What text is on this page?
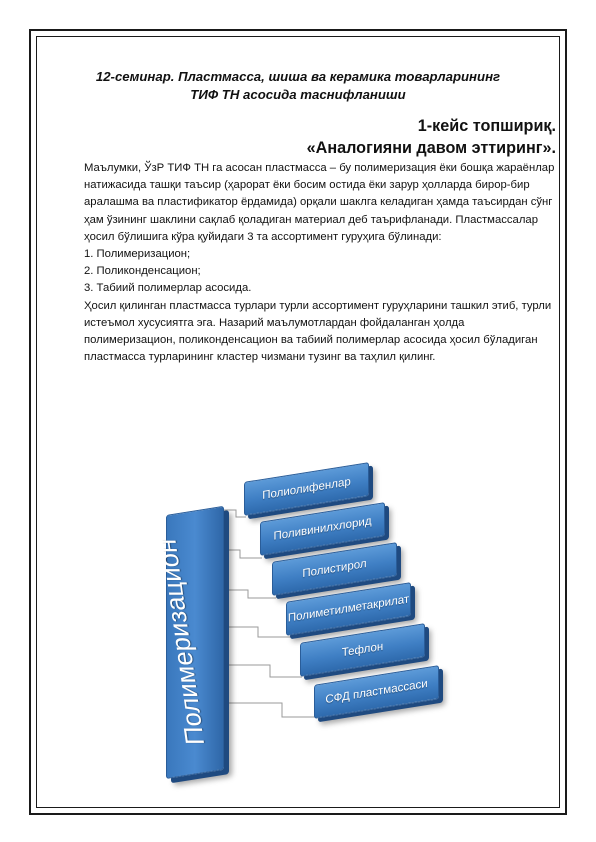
12-семинар. Пластмасса, шиша ва керамика товарларининг
ТИФ ТН асосида таснифланиши
1-кейс топшириқ.
«Аналогияни давом эттиринг».

Маълумки, ЎзР ТИФ ТН га асосан пластмасса – бу полимеризация ёки бошқа жараёнлар натижасида ташқи таъсир (ҳарорат ёки босим остида ёки зарур ҳолларда бирор-бир аралашма ва пластификатор ёрдамида) орқали шаклга келадиган ҳамда таъсирдан сўнг ҳам ўзининг шаклини сақлаб қоладиган материал деб таърифланади. Пластмассалар ҳосил бўлишига кўра қуйидаги 3 та ассортимент гуруҳига бўлинади:

1. Полимеризацион;

2. Поликонденсацион;

3. Табиий полимерлар асосида.

Ҳосил қилинган пластмасса турлари турли ассортимент гуруҳларини ташкил этиб, турли истеъмол хусусиятга эга. Назарий маълумотлардан фойдаланган ҳолда полимеризацион, поликонденсацион ва табиий полимерлар асосида ҳосил бўладиган пластмасса турларининг кластер чизмани тузинг ва таҳлил қилинг.

Полимеризацион
Полиолифенлар
Поливинилхлорид
Полистирол
Полиметилметакрилат
Тефлон
СФД пластмассаси
